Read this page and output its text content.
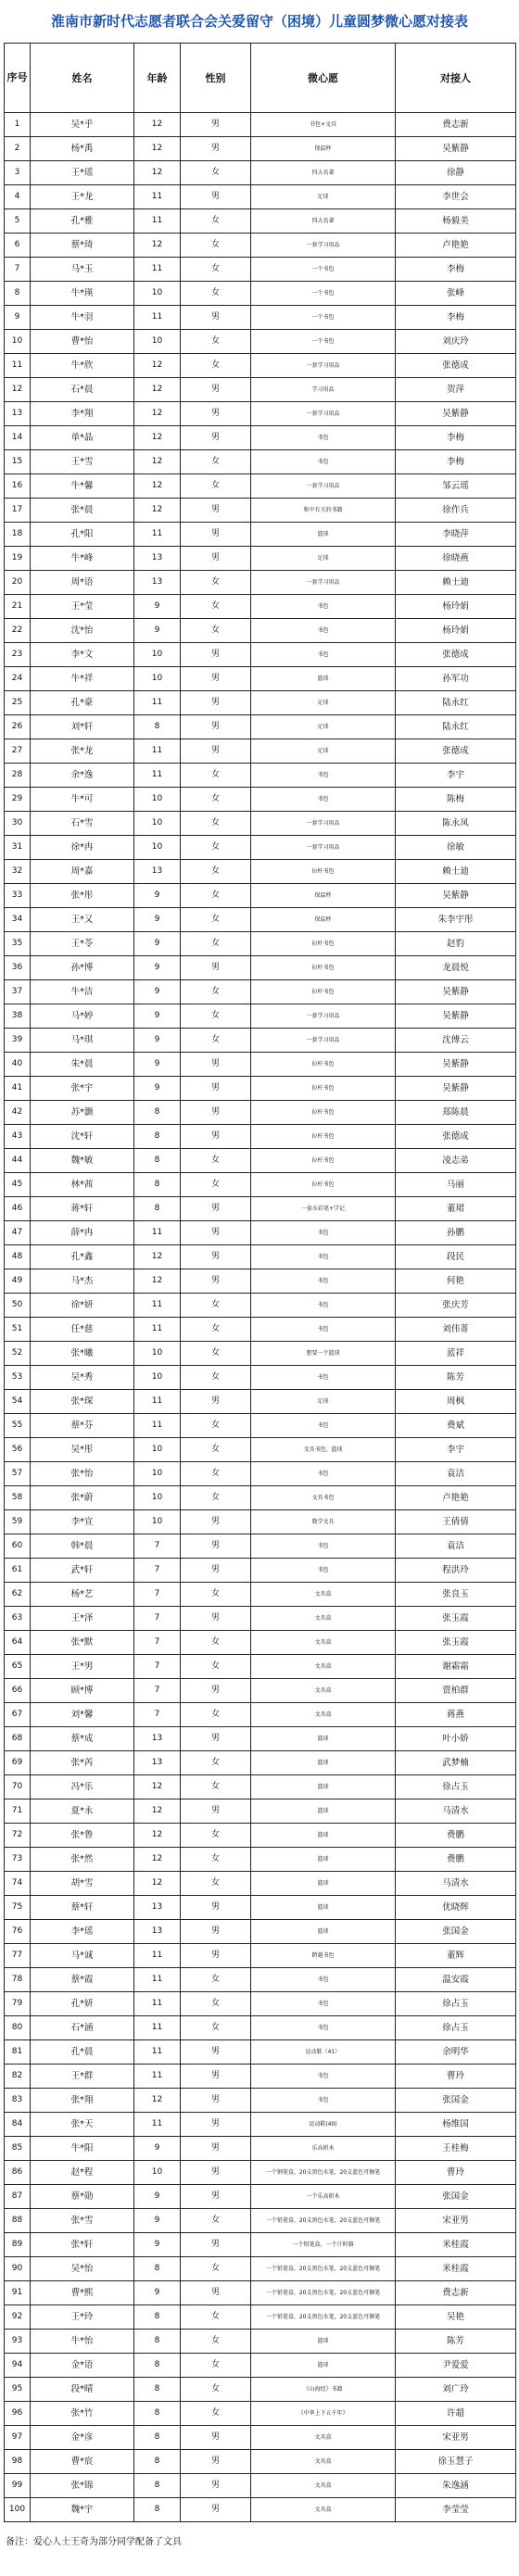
淮南市新时代志愿者联合会关爱留守（困境）儿童圆梦微心愿对接表
序号	姓名	年龄	性别	微心愿	对接人
1	吴*乎	12	男	书包+文具	费志新
2	杨*禹	12	男	保温杯	吴紫静
3	王*瑶	12	女	四大名著	徐静
4	王*龙	11	男	足球	李世会
5	孔*雅	11	女	四大名著	杨毅美
6	蔡*琦	12	女	一套学习用品	卢艳艳
7	马*玉	11	女	一个书包	李梅
8	牛*瑛	10	女	一个书包	张峰
9	牛*羽	11	男	一个书包	李梅
10	曹*怡	10	女	一个书包	刘庆玲
11	牛*欣	12	女	一套学习用品	张德成
12	石*晨	12	男	学习用品	贺萍
13	李*翔	12	男	一套学习用品	吴紫静
14	单*晶	12	男	书包	李梅
15	王*雪	12	女	书包	李梅
16	牛*馨	12	女	一套学习用品	邹云瑶
17	张*晨	12	男	和中有关的书籍	徐作兵
18	孔*阳	11	男	篮球	李晓萍
19	牛*峰	13	男	足球	徐晓燕
20	周*语	13	女	一套学习用品	赖士迪
21	王*莹	9	女	书包	杨玲娟
22	沈*怡	9	女	书包	杨玲娟
23	李*文	10	男	书包	张德成
24	牛*祥	10	男	篮球	孙军功
25	孔*豪	11	男	足球	陆永红
26	刘*轩	8	男	足球	陆永红
27	张*龙	11	男	足球	张德成
28	余*逸	11	女	书包	李宇
29	牛*可	10	女	书包	陈梅
30	石*雪	10	女	一套学习用品	陈永凤
31	徐*冉	10	女	一套学习用品	徐敏
32	周*嘉	13	女	拉杆书包	赖士迪
33	张*彤	9	女	保温杯	吴紫静
34	王*又	9	女	保温杯	朱李宇彤
35	王*苓	9	女	拉杆书包	赵豹
36	孙*博	9	男	拉杆书包	龙晨悦
37	牛*洁	9	女	拉杆书包	吴紫静
38	马*婷	9	女	一套学习用品	吴紫静
39	马*琪	9	女	一套学习用品	沈傅云
40	朱*晨	9	男	拉杆书包	吴紫静
41	张*宇	9	男	拉杆书包	吴紫静
42	苏*灏	8	男	拉杆书包	郑陈晨
43	沈*轩	8	男	拉杆书包	张德成
44	魏*敏	8	女	拉杆书包	凌志弟
45	林*茜	8	女	拉杆书包	马丽
46	蒋*轩	8	男	一套水彩笔+学记	董珺
47	薛*冉	11	男	书包	孙鹏
48	孔*鑫	12	男	书包	段民
49	马*杰	12	男	书包	何艳
50	徐*妍	11	女	书包	张庆芳
51	任*慈	11	女	书包	刘伟菁
52	张*曦	10	女	想要一个篮球	蓝祥
53	吴*秀	10	女	书包	陈芳
54	张*琛	11	男	足球	周枫
55	蔡*芬	11	女	书包	费斌
56	吴*彤	10	女	文具书包、篮球	李宇
57	张*怡	10	女	书包	袁洁
58	张*蔚	10	女	文具书包	卢艳艳
59	李*宣	10	男	数学文具	王倩倩
60	韩*晨	7	男	书包	袁洁
61	武*轩	7	男	书包	程洪玲
62	杨*艺	7	女	文具盒	张良玉
63	王*泽	7	男	文具盒	张玉霞
64	张*默	7	女	文具盒	张玉霞
65	王*男	7	女	文具盒	谢霜霜
66	顾*博	7	男	文具盒	贾柏群
67	刘*馨	7	女	文具盒	蒋燕
68	蔡*成	13	男	篮球	叶小娇
69	张*芮	13	女	篮球	武梦楠
70	冯*乐	12	女	篮球	徐占玉
71	夏*永	12	男	篮球	马清水
72	张*鲁	12	女	篮球	费鹏
73	张*然	12	女	篮球	费鹏
74	胡*雪	12	女	篮球	马清水
75	蔡*轩	13	男	篮球	优晓辉
76	李*瑶	13	男	篮球	张国金
77	马*诚	11	男	跨越书包	董辉
78	蔡*霞	11	女	书包	温安霞
79	孔*妍	11	女	书包	徐占玉
80	石*涵	11	女	书包	徐占玉
81	孔*晨	11	男	运动鞋（41）	余明华
82	王*群	11	男	书包	曹玲
83	张*翔	12	男	书包	张国金
84	张*天	11	男	运动鞋(40)	杨维国
85	牛*阳	9	男	乐高积木	王桂梅
86	赵*程	10	男	一个钢笔盒，20支黑色水笔，20支蓝色可擦笔	曹玲
87	蔡*勋	9	男	一个乐高积木	张国金
88	张*雪	9	女	一个铅笔盒，20支黑色水笔，20支蓝色可擦笔	宋亚男
89	张*轩	9	男	一个铅笔盒，一个计时器	米桂霞
90	吴*怡	8	女	一个铅笔盒，20支黑色水笔，20支蓝色可擦笔	米桂霞
91	曹*熙	9	男	一个铅笔盒，20支黑色水笔，20支蓝色可擦笔	费志新
92	王*玲	8	女	一个铅笔盒，20支黑色水笔，20支蓝色可擦笔	吴艳
93	牛*怡	8	女	篮球	陈芳
94	金*语	8	女	篮球	尹爱爱
95	段*晴	8	女	《山海经》书籍	刘广玲
96	张*竹	8	女	《中华上下五千年》	许超
97	金*彦	8	男	文具盒	宋亚男
98	曹*宸	8	男	文具盒	徐玉慧子
99	张*锦	8	男	文具盒	朱逸涵
100	魏*宇	8	男	文具盒	李莹莹
备注：爱心人士王奇为部分同学配备了文具
